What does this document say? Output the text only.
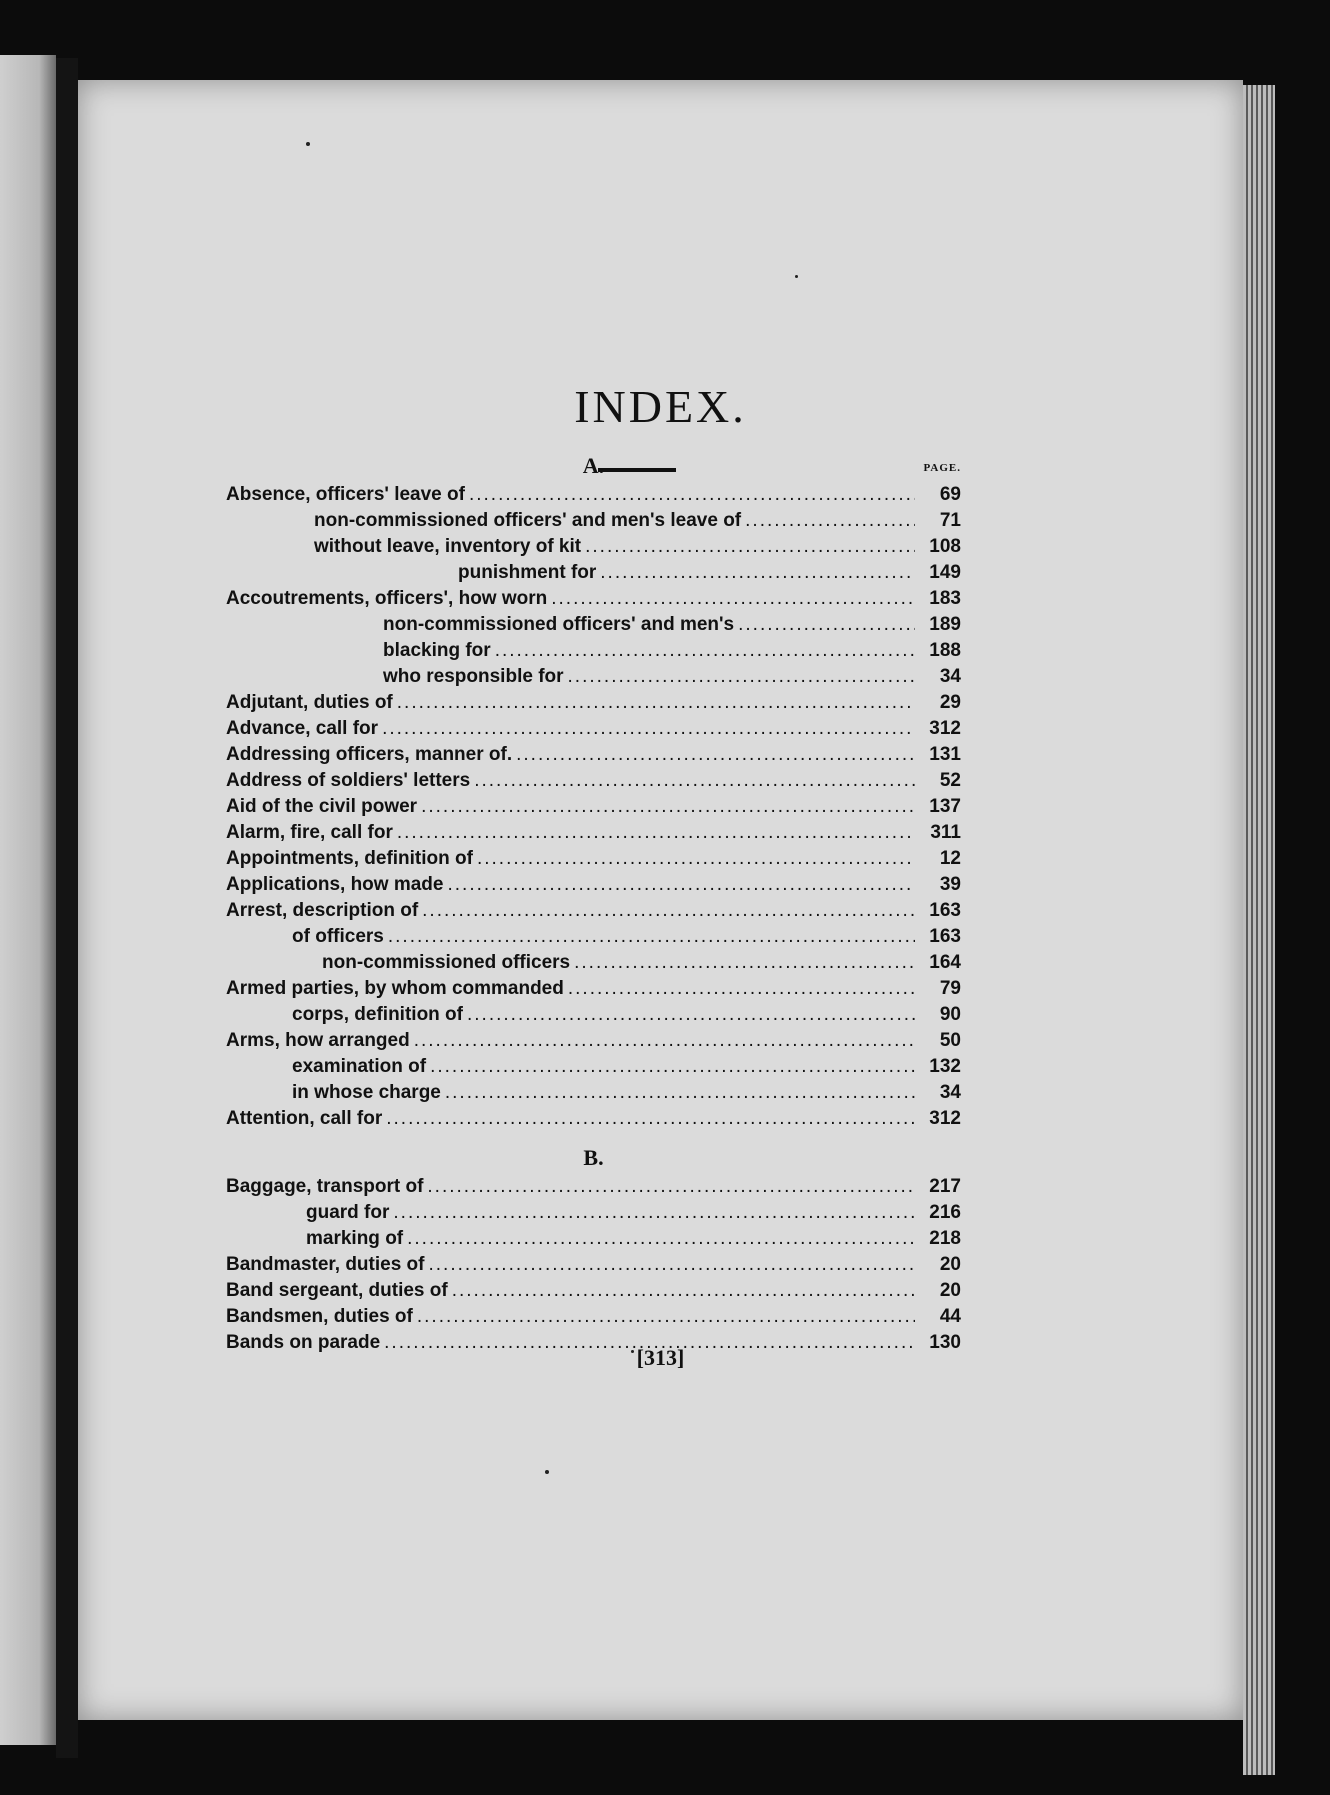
INDEX.
A.	PAGE.
Absence, officers' leave of .....	69
non-commissioned officers' and men's leave of .....	71
without leave, inventory of kit .....	108
punishment for .....	149
Accoutrements, officers', how worn .....	183
non-commissioned officers' and men's .....	189
blacking for .....	188
who responsible for .....	34
Adjutant, duties of .....	29
Advance, call for .....	312
Addressing officers, manner of. .....	131
Address of soldiers' letters .....	52
Aid of the civil power .....	137
Alarm, fire, call for .....	311
Appointments, definition of .....	12
Applications, how made .....	39
Arrest, description of .....	163
of officers .....	163
non-commissioned officers .....	164
Armed parties, by whom commanded .....	79
corps, definition of .....	90
Arms, how arranged .....	50
examination of .....	132
in whose charge .....	34
Attention, call for .....	312
B.
Baggage, transport of .....	217
guard for .....	216
marking of .....	218
Bandmaster, duties of .....	20
Band sergeant, duties of .....	20
Bandsmen, duties of .....	44
Bands on parade .....	130
[313]
